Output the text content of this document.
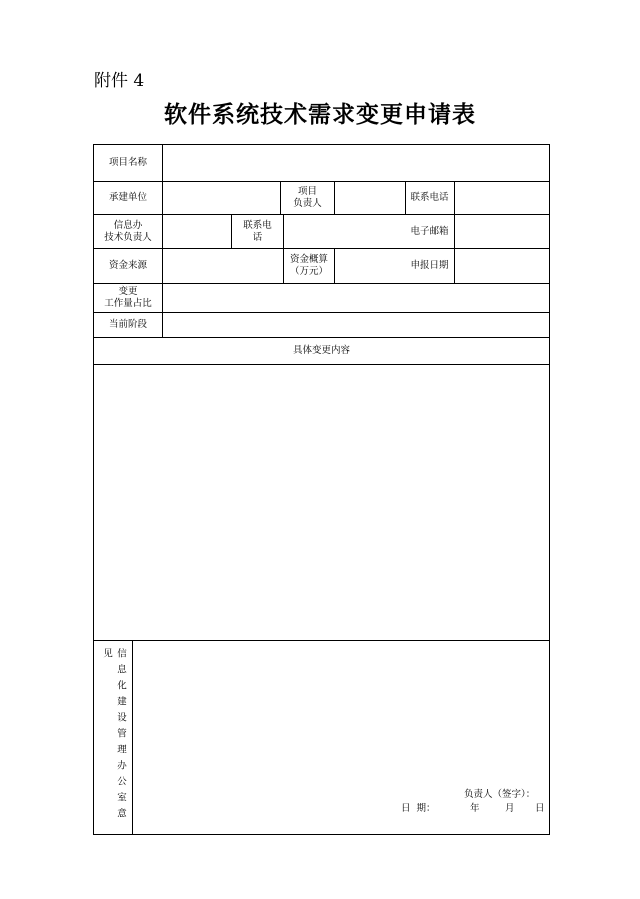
附件 4
软件系统技术需求变更申请表
项目名称
承建单位
项目
负责人
联系电话
信息办
技术负责人
联系电
话
电子邮箱
资金来源
资金概算
（万元）
申报日期
变更
工作量占比
当前阶段
具体变更内容
信息化建设管理办公室意见
负责人（签字）：
日  期：	年	月 日
